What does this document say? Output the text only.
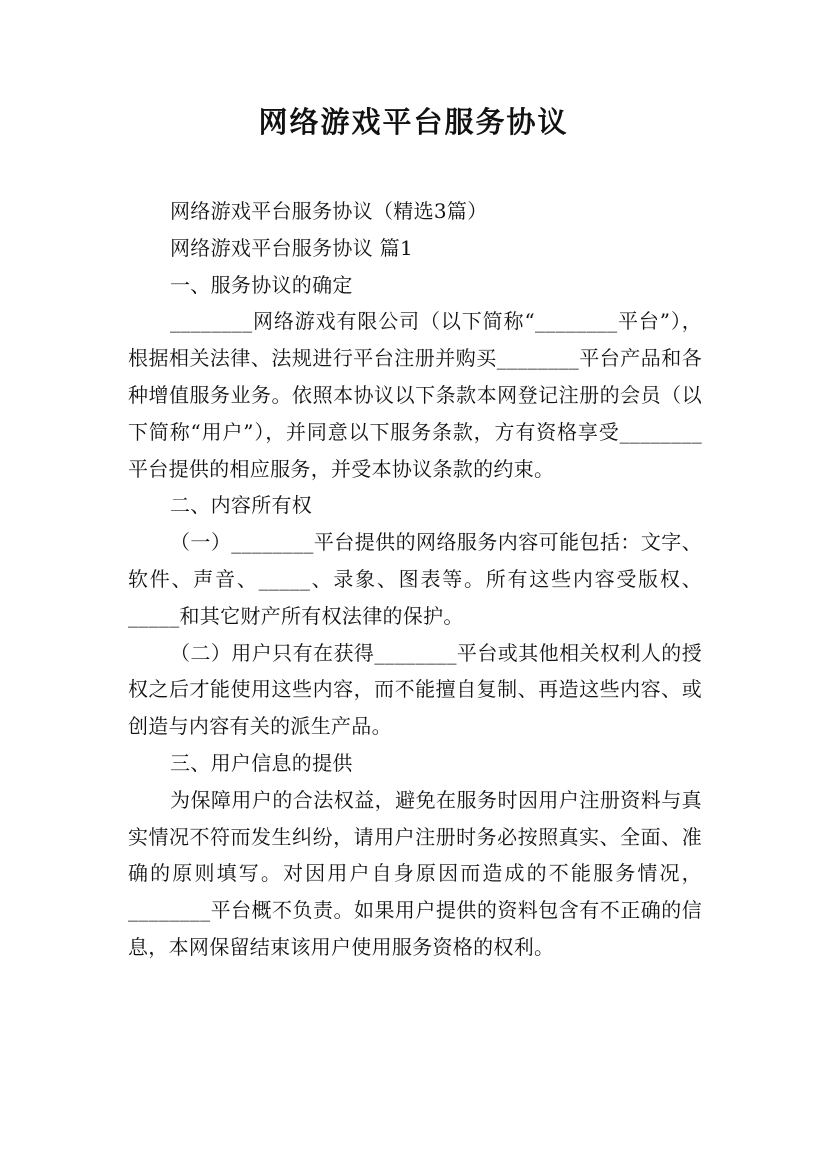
网络游戏平台服务协议

网络游戏平台服务协议（精选3篇）

网络游戏平台服务协议 篇1

一、服务协议的确定

________网络游戏有限公司（以下简称“________平台”），根据相关法律、法规进行平台注册并购买________平台产品和各种增值服务业务。依照本协议以下条款本网登记注册的会员（以下简称“用户”），并同意以下服务条款，方有资格享受________平台提供的相应服务，并受本协议条款的约束。

二、内容所有权

（一）________平台提供的网络服务内容可能包括：文字、软件、声音、_____、录象、图表等。所有这些内容受版权、_____和其它财产所有权法律的保护。

（二）用户只有在获得________平台或其他相关权利人的授权之后才能使用这些内容，而不能擅自复制、再造这些内容、或创造与内容有关的派生产品。

三、用户信息的提供

为保障用户的合法权益，避免在服务时因用户注册资料与真实情况不符而发生纠纷，请用户注册时务必按照真实、全面、准确的原则填写。对因用户自身原因而造成的不能服务情况，________平台概不负责。如果用户提供的资料包含有不正确的信息，本网保留结束该用户使用服务资格的权利。
